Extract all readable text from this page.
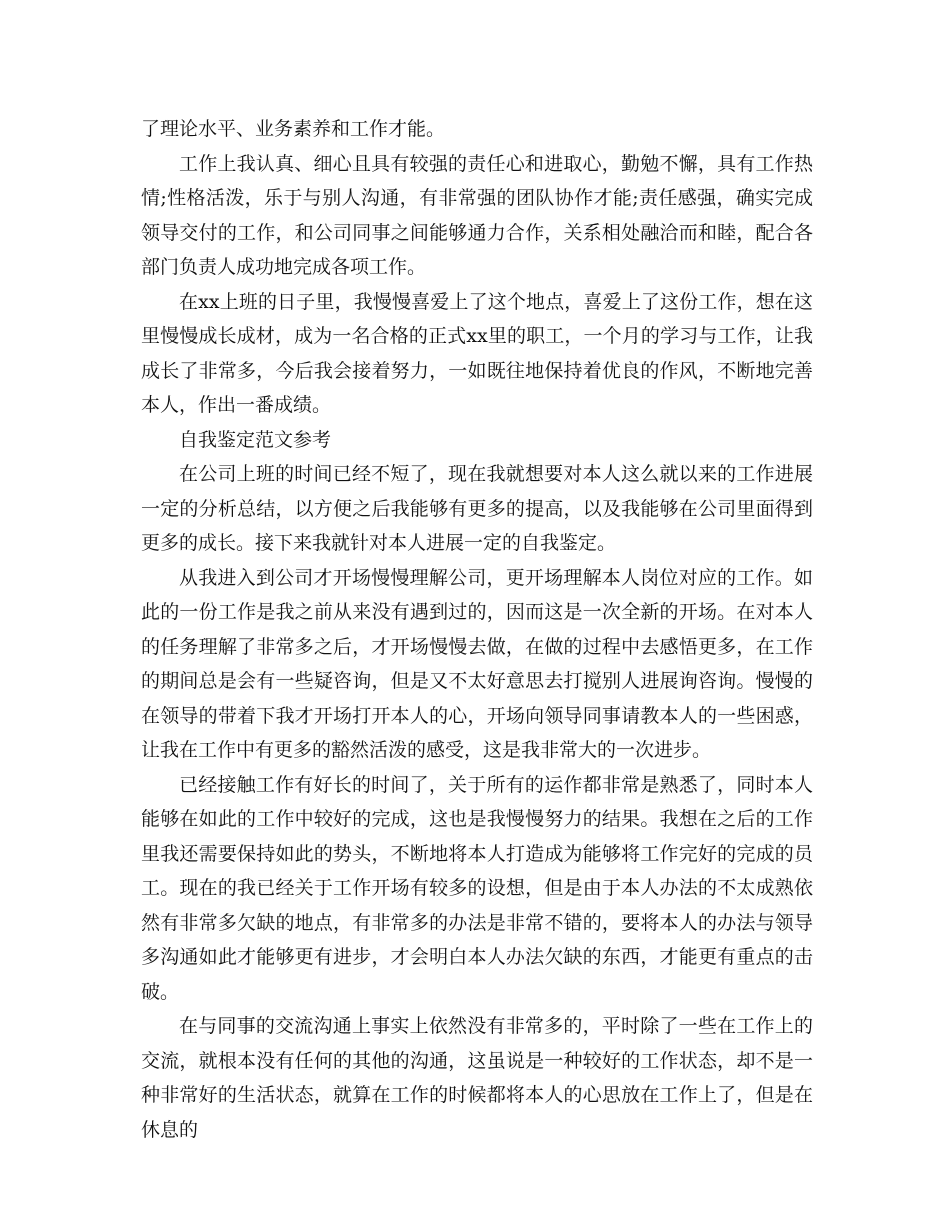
了理论水平、业务素养和工作才能。

工作上我认真、细心且具有较强的责任心和进取心，勤勉不懈，具有工作热情;性格活泼，乐于与别人沟通，有非常强的团队协作才能;责任感强，确实完成领导交付的工作，和公司同事之间能够通力合作，关系相处融洽而和睦，配合各部门负责人成功地完成各项工作。

在xx上班的日子里，我慢慢喜爱上了这个地点，喜爱上了这份工作，想在这里慢慢成长成材，成为一名合格的正式xx里的职工，一个月的学习与工作，让我成长了非常多，今后我会接着努力，一如既往地保持着优良的作风，不断地完善本人，作出一番成绩。

自我鉴定范文参考

在公司上班的时间已经不短了，现在我就想要对本人这么就以来的工作进展一定的分析总结，以方便之后我能够有更多的提高，以及我能够在公司里面得到更多的成长。接下来我就针对本人进展一定的自我鉴定。

从我进入到公司才开场慢慢理解公司，更开场理解本人岗位对应的工作。如此的一份工作是我之前从来没有遇到过的，因而这是一次全新的开场。在对本人的任务理解了非常多之后，才开场慢慢去做，在做的过程中去感悟更多，在工作的期间总是会有一些疑咨询，但是又不太好意思去打搅别人进展询咨询。慢慢的在领导的带着下我才开场打开本人的心，开场向领导同事请教本人的一些困惑，让我在工作中有更多的豁然活泼的感受，这是我非常大的一次进步。

已经接触工作有好长的时间了，关于所有的运作都非常是熟悉了，同时本人能够在如此的工作中较好的完成，这也是我慢慢努力的结果。我想在之后的工作里我还需要保持如此的势头，不断地将本人打造成为能够将工作完好的完成的员工。现在的我已经关于工作开场有较多的设想，但是由于本人办法的不太成熟依然有非常多欠缺的地点，有非常多的办法是非常不错的，要将本人的办法与领导多沟通如此才能够更有进步，才会明白本人办法欠缺的东西，才能更有重点的击破。

在与同事的交流沟通上事实上依然没有非常多的，平时除了一些在工作上的交流，就根本没有任何的其他的沟通，这虽说是一种较好的工作状态，却不是一种非常好的生活状态，就算在工作的时候都将本人的心思放在工作上了，但是在休息的
